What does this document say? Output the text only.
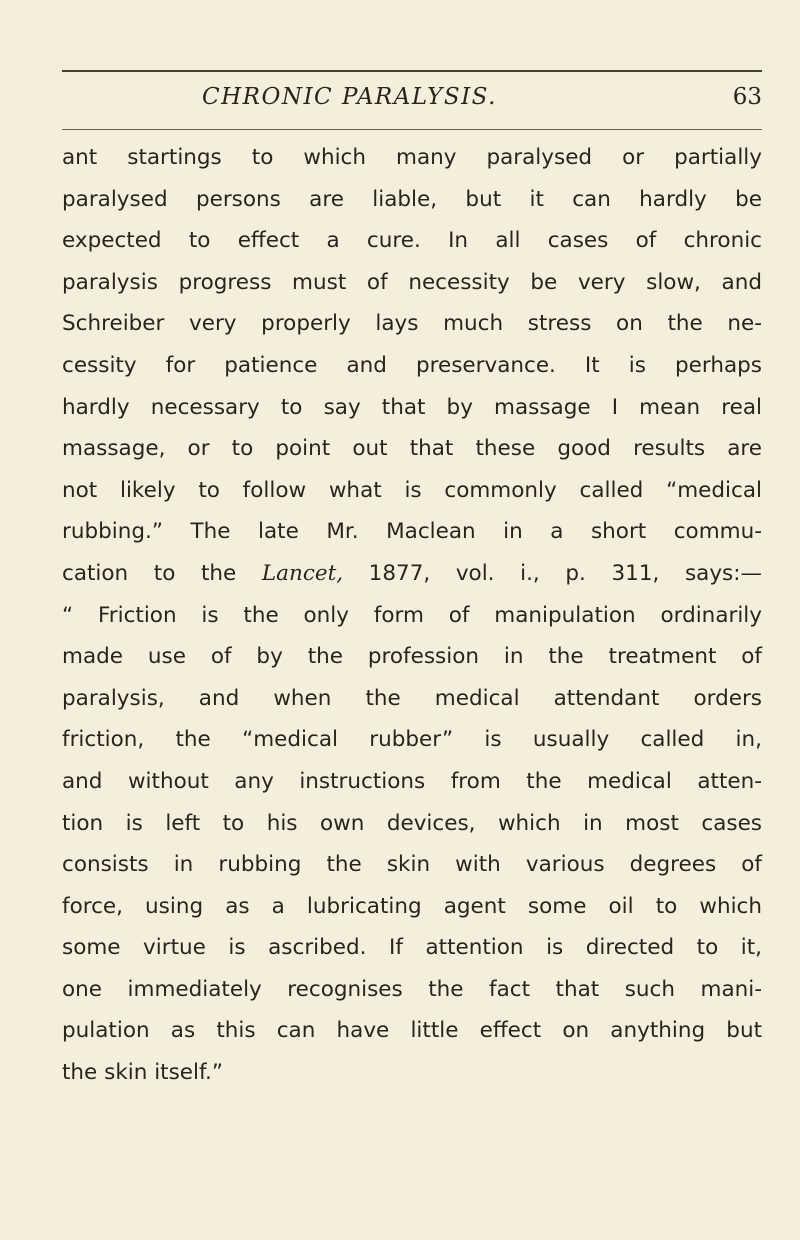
CHRONIC PARALYSIS.	63
ant startings to which many paralysed or partially
paralysed persons are liable, but it can hardly be
expected to effect a cure. In all cases of chronic
paralysis progress must of necessity be very slow, and
Schreiber very properly lays much stress on the ne-
cessity for patience and preservance. It is perhaps
hardly necessary to say that by massage I mean real
massage, or to point out that these good results are
not likely to follow what is commonly called “medical
rubbing.” The late Mr. Maclean in a short commu-
cation to the Lancet, 1877, vol. i., p. 311, says:—
“ Friction is the only form of manipulation ordinarily
made use of by the profession in the treatment of
paralysis, and when the medical attendant orders
friction, the “medical rubber” is usually called in,
and without any instructions from the medical atten-
tion is left to his own devices, which in most cases
consists in rubbing the skin with various degrees of
force, using as a lubricating agent some oil to which
some virtue is ascribed. If attention is directed to it,
one immediately recognises the fact that such mani-
pulation as this can have little effect on anything but
the skin itself.”
